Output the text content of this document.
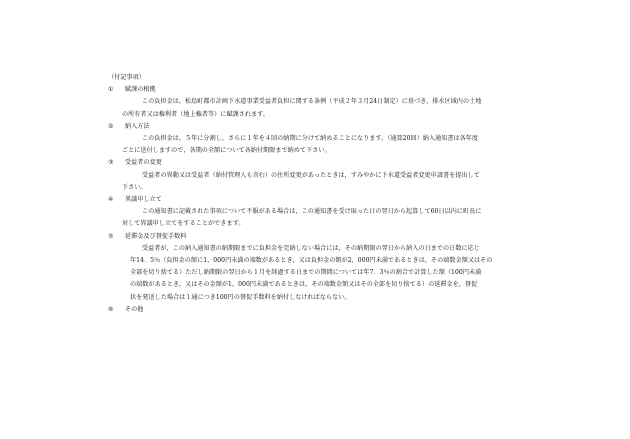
（付記事項）
① 賦課の根拠
この負担金は，松島町都市計画下水道事業受益者負担に関する条例（平成２年３月24日制定）に基づき，排水区域内の土地
の所有者又は権利者（地上権者等）に賦課されます。
② 納入方法
この負担金は，５年に分割し，さらに１年を４回の納期に分けて納めることになります。（通算20回）納入通知書は各年度
ごとに送付しますので，各期の全額について各納付期限まで納めて下さい。
③ 受益者の変更
受益者の異動又は受益者（納付管理人も含む）の住所変更があったときは，すみやかに下水道受益者変更申請書を提出して
下さい。
④ 異議申し立て
この通知書に記載された事項について不服がある場合は，この通知書を受け取った日の翌日から起算して60日以内に町長に
対して異議申し立てをすることができます。
⑤ 延滞金及び督促手数料
受益者が，この納入通知書の納期限までに負担金を完納しない場合には，その納期限の翌日から納入の日までの日数に応じ
年14．5％（負担金の額に1，000円未満の端数があるとき，又は負担金の額が2，000円未満であるときは，その端数金額又はその
全部を切り捨てる）ただし納期限の翌日から１月を経過する日までの期間については年7．3％の割合で計算した額（100円未満
の端数があるとき，又はその金額が1，000円未満であるときは，その端数金額又はその全部を切り捨てる）の延滞金を，督促
状を発送した場合は１通につき100円の督促手数料を納付しなければならない。
⑥ その他
